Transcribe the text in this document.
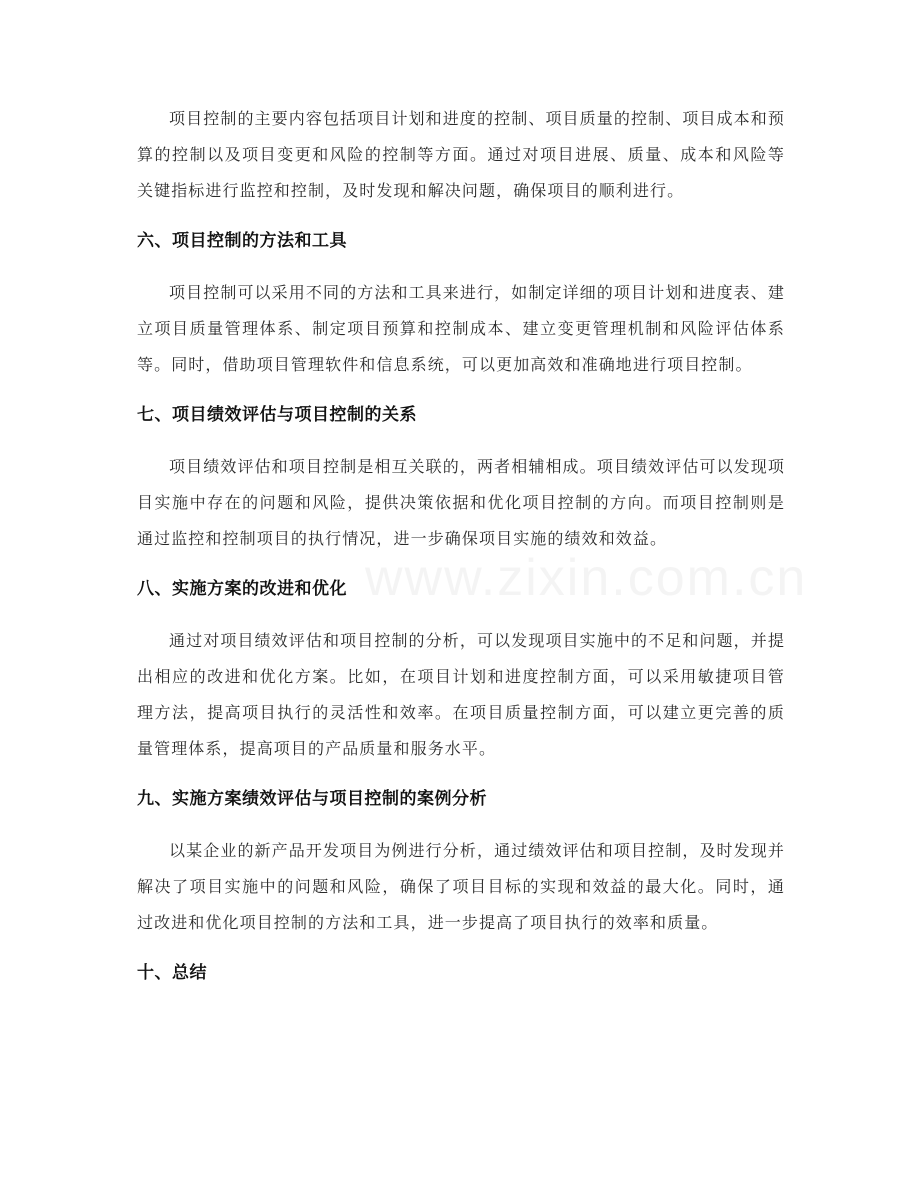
www.zixin.com.cn

项目控制的主要内容包括项目计划和进度的控制、项目质量的控制、项目成本和预算的控制以及项目变更和风险的控制等方面。通过对项目进展、质量、成本和风险等关键指标进行监控和控制，及时发现和解决问题，确保项目的顺利进行。

六、项目控制的方法和工具

项目控制可以采用不同的方法和工具来进行，如制定详细的项目计划和进度表、建立项目质量管理体系、制定项目预算和控制成本、建立变更管理机制和风险评估体系等。同时，借助项目管理软件和信息系统，可以更加高效和准确地进行项目控制。

七、项目绩效评估与项目控制的关系

项目绩效评估和项目控制是相互关联的，两者相辅相成。项目绩效评估可以发现项目实施中存在的问题和风险，提供决策依据和优化项目控制的方向。而项目控制则是通过监控和控制项目的执行情况，进一步确保项目实施的绩效和效益。

八、实施方案的改进和优化

通过对项目绩效评估和项目控制的分析，可以发现项目实施中的不足和问题，并提出相应的改进和优化方案。比如，在项目计划和进度控制方面，可以采用敏捷项目管理方法，提高项目执行的灵活性和效率。在项目质量控制方面，可以建立更完善的质量管理体系，提高项目的产品质量和服务水平。

九、实施方案绩效评估与项目控制的案例分析

以某企业的新产品开发项目为例进行分析，通过绩效评估和项目控制，及时发现并解决了项目实施中的问题和风险，确保了项目目标的实现和效益的最大化。同时，通过改进和优化项目控制的方法和工具，进一步提高了项目执行的效率和质量。

十、总结
